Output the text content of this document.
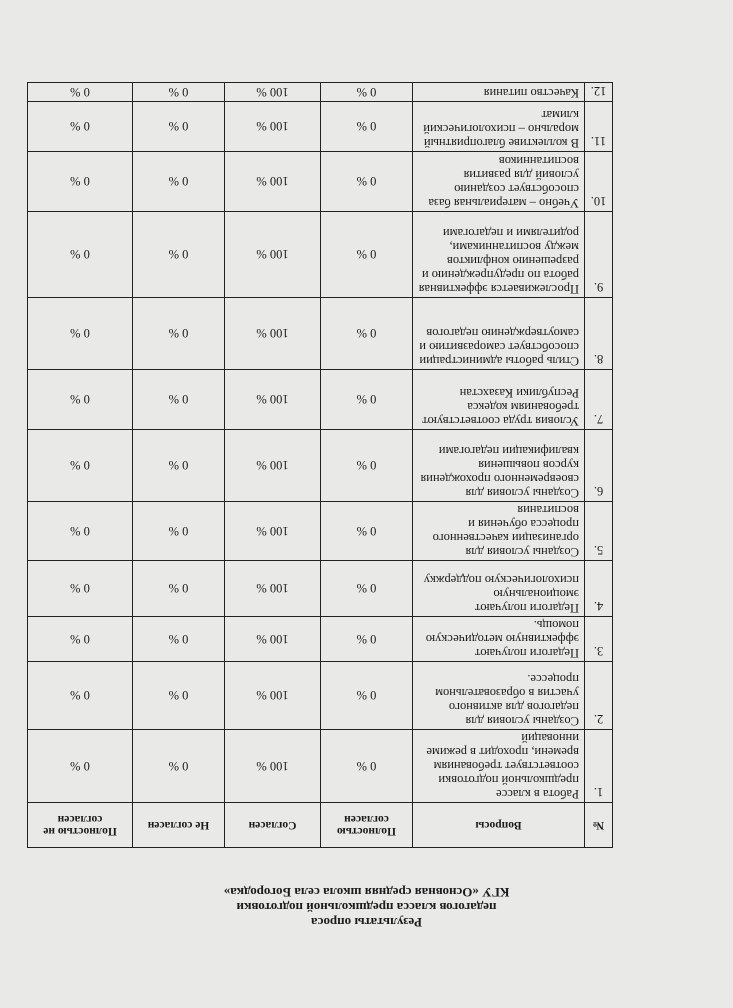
Результаты опроса
педагогов класса предшкольной подготовки
КГУ «Основная средняя школа села Богородка»
№	Вопросы	Полностью согласен	Согласен	Не согласен	Полностью не согласен
1.	Работа в классе предшкольной подготовки соответствует требованиям времени, проходит в режиме инноваций	0 %	100 %	0 %	0 %
2.	Созданы условия для педагогов для активного участия в образовательном процессе.	0 %	100 %	0 %	0 %
3.	Педагоги получают эффективную методическую помощь.	0 %	100 %	0 %	0 %
4.	Педагоги получают эмоциональную психологическую поддержку	0 %	100 %	0 %	0 %
5.	Созданы условия для организации качественного процесса обучения и воспитания	0 %	100 %	0 %	0 %
6.	Созданы условия для своевременного прохождения курсов повышения квалификации педагогами	0 %	100 %	0 %	0 %
7.	Условия труда соответствуют требованиям кодекса Республики Казахстан	0 %	100 %	0 %	0 %
8.	Стиль работы администрации способствует саморазвитию и самоутверждению педагогов	0 %	100 %	0 %	0 %
9.	Прослеживается эффективная работа по предупреждению и разрешению конфликтов между воспитанниками, родителями и педагогами	0 %	100 %	0 %	0 %
10.	Учебно – материальная база способствует созданию условий для развития воспитанников	0 %	100 %	0 %	0 %
11.	В коллективе благоприятный морально – психологический климат	0 %	100 %	0 %	0 %
12.	Качество питания	0 %	100 %	0 %	0 %
